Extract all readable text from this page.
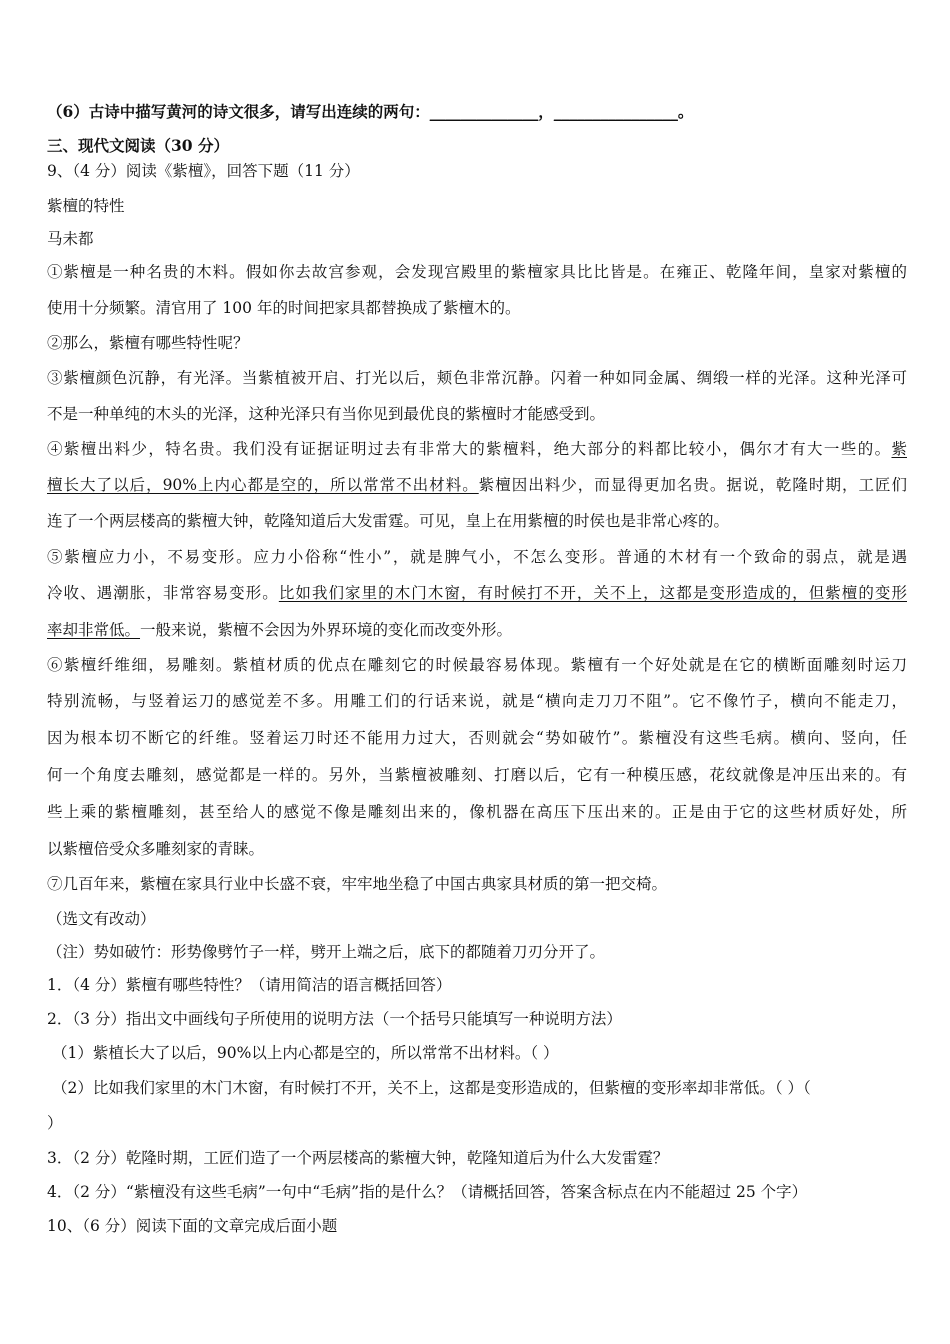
（6）古诗中描写黄河的诗文很多，请写出连续的两句：______________，________________。
三、现代文阅读（30 分）
9、（4 分）阅读《紫檀》，回答下题（11 分）
紫檀的特性
马未都
①紫檀是一种名贵的木料。假如你去故宫参观，会发现宫殿里的紫檀家具比比皆是。在雍正、乾隆年间，皇家对紫檀的
使用十分频繁。清官用了 100 年的时间把家具都替换成了紫檀木的。
②那么，紫檀有哪些特性呢？
③紫檀颜色沉静，有光泽。当紫植被开启、打光以后，颊色非常沉静。闪着一种如同金属、绸缎一样的光泽。这种光泽可
不是一种单纯的木头的光泽，这种光泽只有当你见到最优良的紫檀时才能感受到。
④紫檀出料少，特名贵。我们没有证据证明过去有非常大的紫檀料，绝大部分的料都比较小，偶尔才有大一些的。紫
檀长大了以后，90%上内心都是空的，所以常常不出材料。紫檀因出料少，而显得更加名贵。据说，乾隆时期，工匠们
连了一个两层楼高的紫檀大钟，乾隆知道后大发雷霆。可见，皇上在用紫檀的时侯也是非常心疼的。
⑤紫檀应力小，不易变形。应力小俗称“性小”，就是脾气小，不怎么变形。普通的木材有一个致命的弱点，就是遇
冷收、遇潮胀，非常容易变形。比如我们家里的木门木窗，有时候打不开，关不上，这都是变形造成的，但紫檀的变形
率却非常低。一般来说，紫檀不会因为外界环境的变化而改变外形。
⑥紫檀纤维细，易雕刻。紫植材质的优点在雕刻它的时候最容易体现。紫檀有一个好处就是在它的横断面雕刻时运刀
特别流畅，与竖着运刀的感觉差不多。用雕工们的行话来说，就是“横向走刀刀不阻”。它不像竹子，横向不能走刀，
因为根本切不断它的纤维。竖着运刀时还不能用力过大，否则就会“势如破竹”。紫檀没有这些毛病。横向、竖向，任
何一个角度去雕刻，感觉都是一样的。另外，当紫檀被雕刻、打磨以后，它有一种模压感，花纹就像是冲压出来的。有
些上乘的紫檀雕刻，甚至给人的感觉不像是雕刻出来的，像机器在高压下压出来的。正是由于它的这些材质好处，所
以紫檀倍受众多雕刻家的青睐。
⑦几百年来，紫檀在家具行业中长盛不衰，牢牢地坐稳了中国古典家具材质的第一把交椅。
（选文有改动）
（注）势如破竹：形势像劈竹子一样，劈开上端之后，底下的都随着刀刃分开了。
1．（4 分）紫檀有哪些特性？（请用简洁的语言概括回答）
2．（3 分）指出文中画线句子所使用的说明方法（一个括号只能填写一种说明方法）
（1）紫植长大了以后，90%以上内心都是空的，所以常常不出材料。（ ）
（2）比如我们家里的木门木窗，有时候打不开，关不上，这都是变形造成的，但紫檀的变形率却非常低。（ ）（
）
3．（2 分）乾隆时期，工匠们造了一个两层楼高的紫檀大钟，乾隆知道后为什么大发雷霆？
4．（2 分）“紫檀没有这些毛病”一句中“毛病”指的是什么？（请概括回答，答案含标点在内不能超过 25 个字）
10、（6 分）阅读下面的文章完成后面小题
